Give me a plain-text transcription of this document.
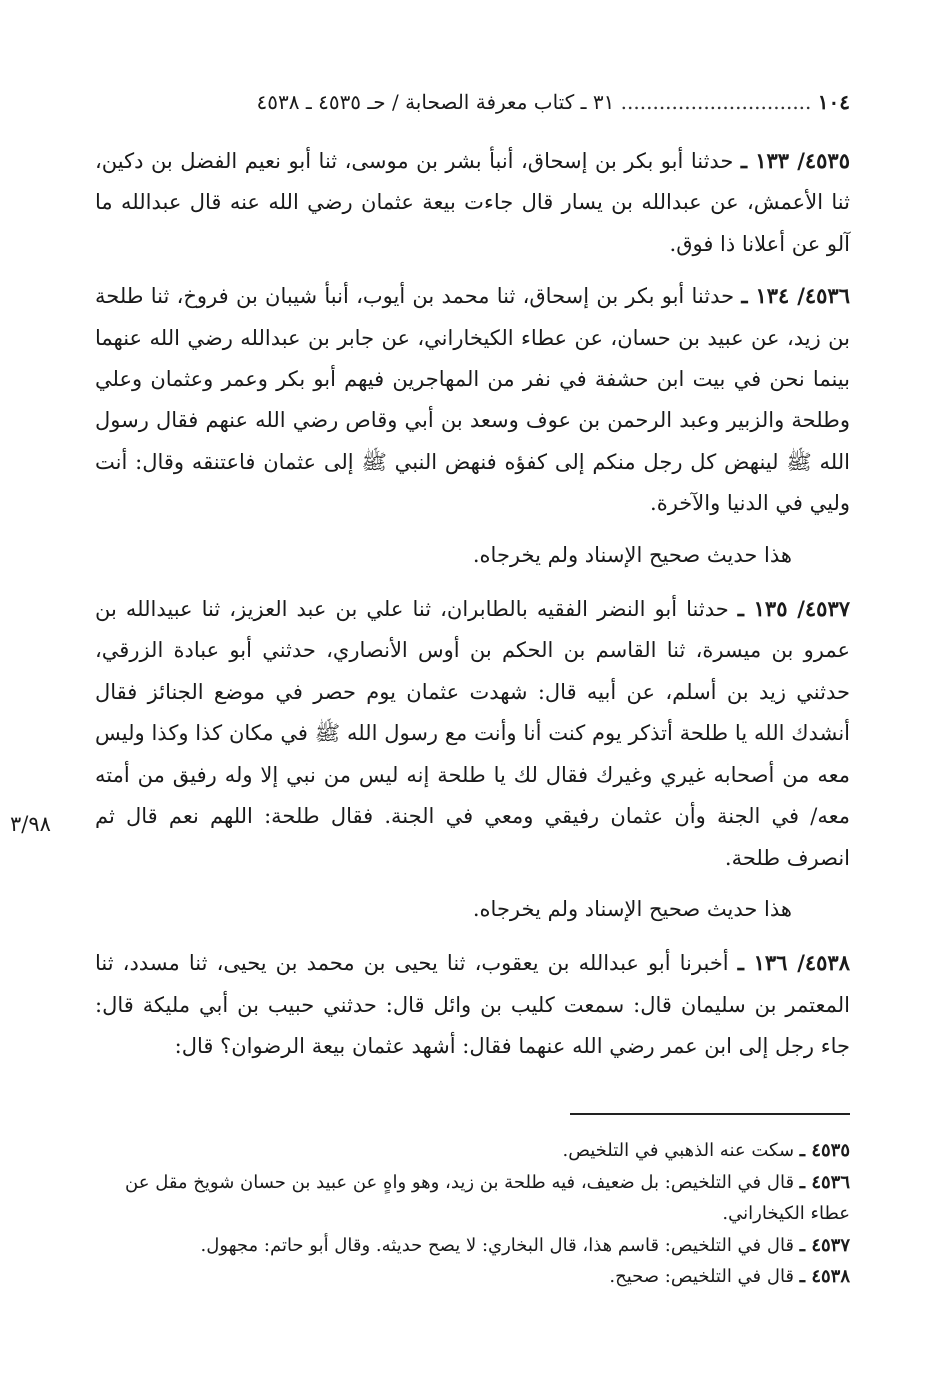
١٠٤ .............................. ٣١ ـ كتاب معرفة الصحابة / حـ ٤٥٣٥ ـ ٤٥٣٨

٤٥٣٥/ ١٣٣ ـ حدثنا أبو بكر بن إسحاق، أنبأ بشر بن موسى، ثنا أبو نعيم الفضل بن دكين، ثنا الأعمش، عن عبدالله بن يسار قال جاءت بيعة عثمان رضي الله عنه قال عبدالله ما آلو عن أعلانا ذا فوق.

٤٥٣٦/ ١٣٤ ـ حدثنا أبو بكر بن إسحاق، ثنا محمد بن أيوب، أنبأ شيبان بن فروخ، ثنا طلحة بن زيد، عن عبيد بن حسان، عن عطاء الكيخاراني، عن جابر بن عبدالله رضي الله عنهما بينما نحن في بيت ابن حشفة في نفر من المهاجرين فيهم أبو بكر وعمر وعثمان وعلي وطلحة والزبير وعبد الرحمن بن عوف وسعد بن أبي وقاص رضي الله عنهم فقال رسول الله ﷺ لينهض كل رجل منكم إلى كفؤه فنهض النبي ﷺ إلى عثمان فاعتنقه وقال: أنت وليي في الدنيا والآخرة.

هذا حديث صحيح الإسناد ولم يخرجاه.

٤٥٣٧/ ١٣٥ ـ حدثنا أبو النضر الفقيه بالطابران، ثنا علي بن عبد العزيز، ثنا عبيدالله بن عمرو بن ميسرة، ثنا القاسم بن الحكم بن أوس الأنصاري، حدثني أبو عبادة الزرقي، حدثني زيد بن أسلم، عن أبيه قال: شهدت عثمان يوم حصر في موضع الجنائز فقال أنشدك الله يا طلحة أتذكر يوم كنت أنا وأنت مع رسول الله ﷺ في مكان كذا وكذا وليس معه من أصحابه غيري وغيرك فقال لك يا طلحة إنه ليس من نبي إلا وله رفيق من أمته معه/ في الجنة وأن عثمان رفيقي ومعي في الجنة. فقال طلحة: اللهم نعم قال ثم انصرف طلحة.

هذا حديث صحيح الإسناد ولم يخرجاه.

٤٥٣٨/ ١٣٦ ـ أخبرنا أبو عبدالله بن يعقوب، ثنا يحيى بن محمد بن يحيى، ثنا مسدد، ثنا المعتمر بن سليمان قال: سمعت كليب بن وائل قال: حدثني حبيب بن أبي مليكة قال: جاء رجل إلى ابن عمر رضي الله عنهما فقال: أشهد عثمان بيعة الرضوان؟ قال:

٣/٩٨

٤٥٣٥ ـ سكت عنه الذهبي في التلخيص.

٤٥٣٦ ـ قال في التلخيص: بل ضعيف، فيه طلحة بن زيد، وهو واهٍ عن عبيد بن حسان شويخ مقل عن عطاء الكيخاراني.

٤٥٣٧ ـ قال في التلخيص: قاسم هذا، قال البخاري: لا يصح حديثه. وقال أبو حاتم: مجهول.

٤٥٣٨ ـ قال في التلخيص: صحيح.
